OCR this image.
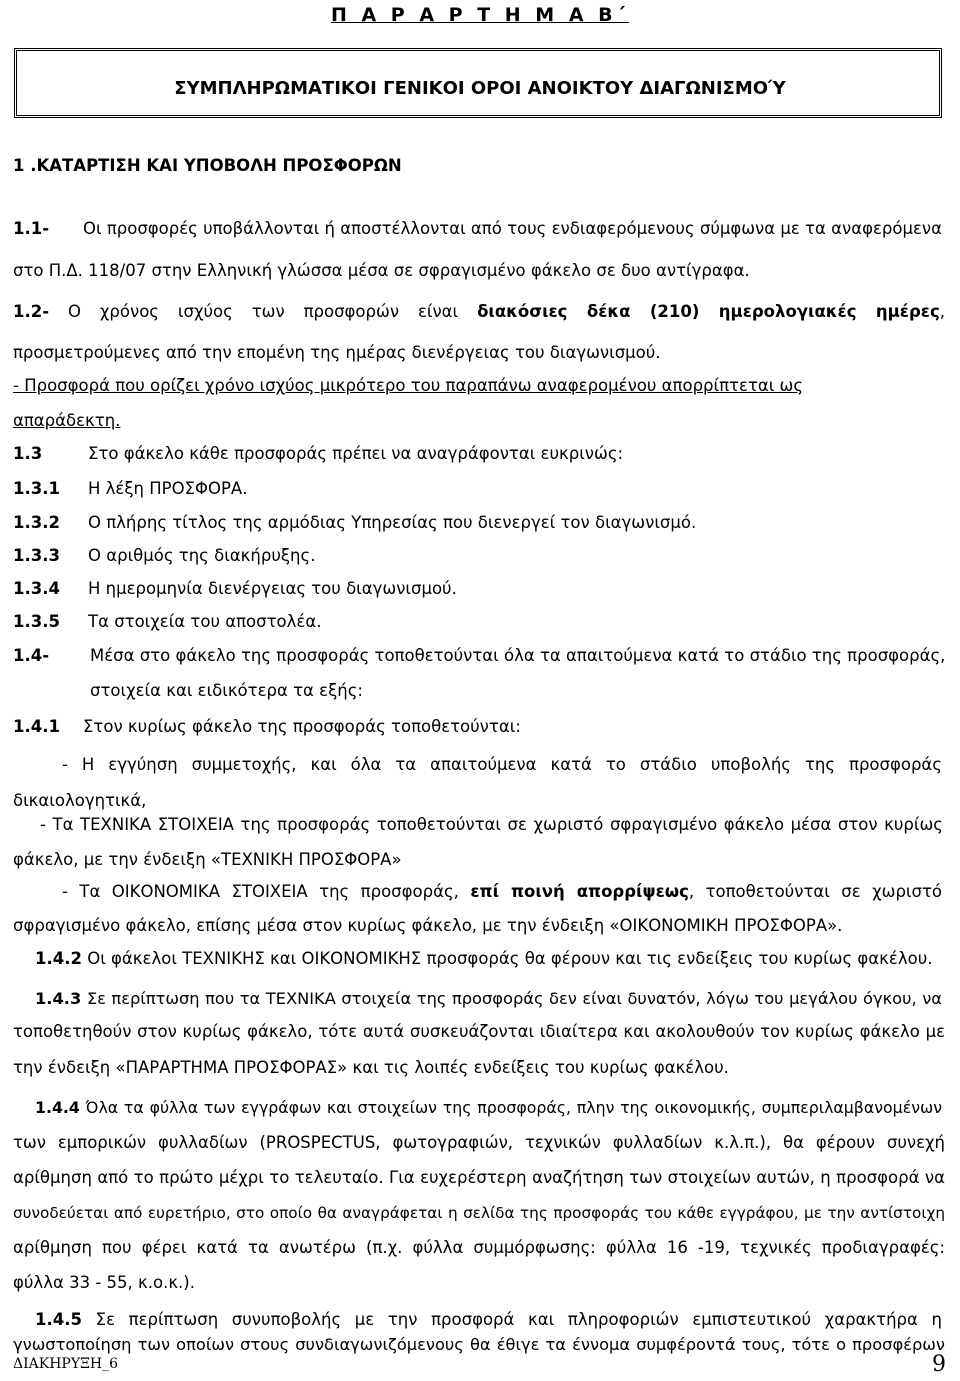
Π Α Ρ Α Ρ Τ Η Μ Α Β΄
ΣΥΜΠΛΗΡΩΜΑΤΙΚΟΙ ΓΕΝΙΚΟΙ ΟΡΟΙ ΑΝΟΙΚΤΟΥ ΔΙΑΓΩΝΙΣΜΟΎ
1 .ΚΑΤΑΡΤΙΣΗ ΚΑΙ ΥΠΟΒΟΛΗ ΠΡΟΣΦΟΡΩΝ
1.1- Οι προσφορές υποβάλλονται ή αποστέλλονται από τους ενδιαφερόμενους σύμφωνα με τα αναφερόμενα
στο Π.Δ. 118/07 στην Ελληνική γλώσσα μέσα σε σφραγισμένο φάκελο σε δυο αντίγραφα.
1.2- Ο χρόνος ισχύος των προσφορών είναι διακόσιες δέκα (210) ημερολογιακές ημέρες,
προσμετρούμενες από την επομένη της ημέρας διενέργειας του διαγωνισμού.
- Προσφορά που ορίζει χρόνο ισχύος μικρότερο του παραπάνω αναφερομένου απορρίπτεται ως
απαράδεκτη.
1.3	Στο φάκελο κάθε προσφοράς πρέπει να αναγράφονται ευκρινώς:
1.3.1 Η λέξη ΠΡΟΣΦΟΡΑ.
1.3.2 Ο πλήρης τίτλος της αρμόδιας Υπηρεσίας που διενεργεί τον διαγωνισμό.
1.3.3 Ο αριθμός της διακήρυξης.
1.3.4 Η ημερομηνία διενέργειας του διαγωνισμού.
1.3.5 Τα στοιχεία του αποστολέα.
1.4- Μέσα στο φάκελο της προσφοράς τοποθετούνται όλα τα απαιτούμενα κατά το στάδιο της προσφοράς,
στοιχεία και ειδικότερα τα εξής:
1.4.1 Στον κυρίως φάκελο της προσφοράς τοποθετούνται:
- Η εγγύηση συμμετοχής, και όλα τα απαιτούμενα κατά το στάδιο υποβολής της προσφοράς
δικαιολογητικά,
- Τα ΤΕΧΝΙΚΑ ΣΤΟΙΧΕΙΑ της προσφοράς τοποθετούνται σε χωριστό σφραγισμένο φάκελο μέσα στον κυρίως
φάκελο, με την ένδειξη «ΤΕΧΝΙΚΗ ΠΡΟΣΦΟΡΑ»
- Τα ΟΙΚΟΝΟΜΙΚΑ ΣΤΟΙΧΕΙΑ της προσφοράς, επί ποινή απορρίψεως, τοποθετούνται σε χωριστό
σφραγισμένο φάκελο, επίσης μέσα στον κυρίως φάκελο, με την ένδειξη «ΟΙΚΟΝΟΜΙΚΗ ΠΡΟΣΦΟΡΑ».
1.4.2 Οι φάκελοι ΤΕΧΝΙΚΗΣ και ΟΙΚΟΝΟΜΙΚΗΣ προσφοράς θα φέρουν και τις ενδείξεις του κυρίως φακέλου.
1.4.3 Σε περίπτωση που τα ΤΕΧΝΙΚΑ στοιχεία της προσφοράς δεν είναι δυνατόν, λόγω του μεγάλου όγκου, να
τοποθετηθούν στον κυρίως φάκελο, τότε αυτά συσκευάζονται ιδιαίτερα και ακολουθούν τον κυρίως φάκελο με
την ένδειξη «ΠΑΡΑΡΤΗΜΑ ΠΡΟΣΦΟΡΑΣ» και τις λοιπές ενδείξεις του κυρίως φακέλου.
1.4.4 Όλα τα φύλλα των εγγράφων και στοιχείων της προσφοράς, πλην της οικονομικής, συμπεριλαμβανομένων
των εμπορικών φυλλαδίων (PROSPECTUS, φωτογραφιών, τεχνικών φυλλαδίων κ.λ.π.), θα φέρουν συνεχή
αρίθμηση από το πρώτο μέχρι το τελευταίο. Για ευχερέστερη αναζήτηση των στοιχείων αυτών, η προσφορά να
συνοδεύεται από ευρετήριο, στο οποίο θα αναγράφεται η σελίδα της προσφοράς του κάθε εγγράφου, με την αντίστοιχη
αρίθμηση που φέρει κατά τα ανωτέρω (π.χ. φύλλα συμμόρφωσης: φύλλα 16 -19, τεχνικές προδιαγραφές:
φύλλα 33 - 55, κ.ο.κ.).
1.4.5 Σε περίπτωση συνυποβολής με την προσφορά και πληροφοριών εμπιστευτικού χαρακτήρα η
γνωστοποίηση των οποίων στους συνδιαγωνιζόμενους θα έθιγε τα έννομα συμφέροντά τους, τότε ο προσφέρων
ΔΙΑΚΗΡΥΞΗ_6	9
